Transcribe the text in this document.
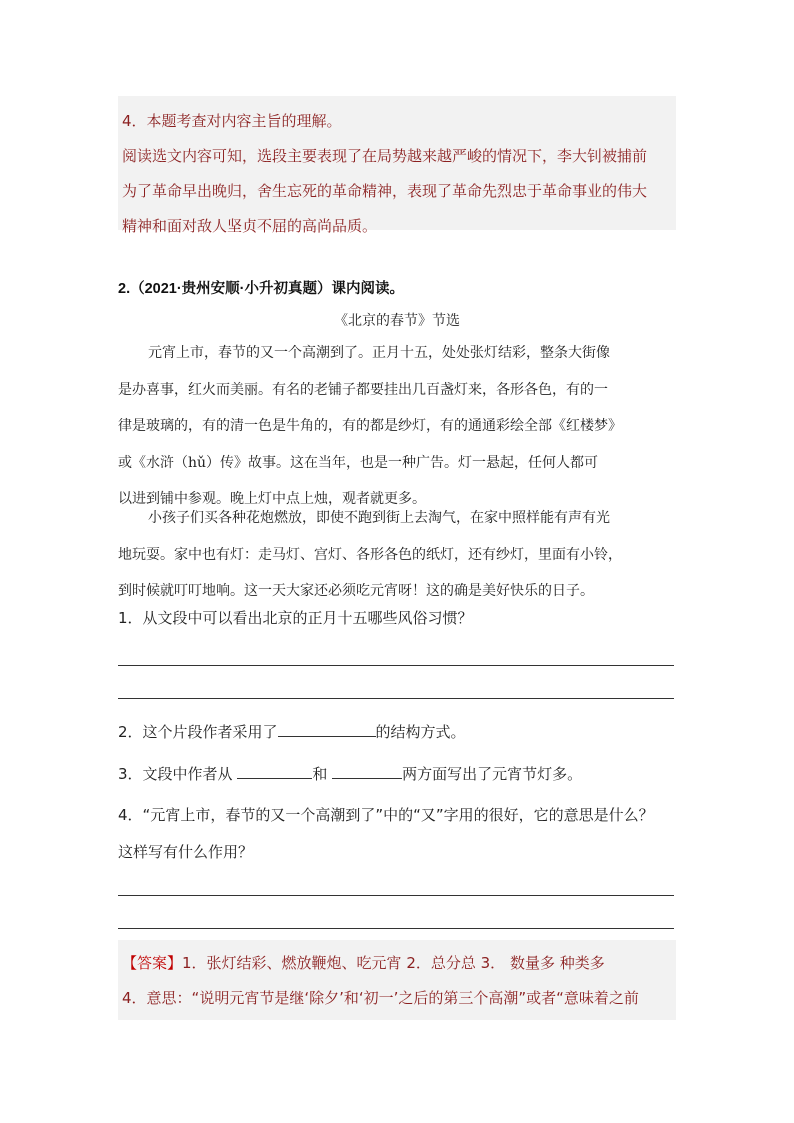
4．本题考查对内容主旨的理解。
阅读选文内容可知，选段主要表现了在局势越来越严峻的情况下，李大钊被捕前
为了革命早出晚归，舍生忘死的革命精神，表现了革命先烈忠于革命事业的伟大
精神和面对敌人坚贞不屈的高尚品质。
2.（2021·贵州安顺·小升初真题）课内阅读。
《北京的春节》节选
元宵上市，春节的又一个高潮到了。正月十五，处处张灯结彩，整条大街像
是办喜事，红火而美丽。有名的老铺子都要挂出几百盏灯来，各形各色，有的一
律是玻璃的，有的清一色是牛角的，有的都是纱灯，有的通通彩绘全部《红楼梦》
或《水浒（hǔ）传》故事。这在当年，也是一种广告。灯一悬起，任何人都可
以进到铺中参观。晚上灯中点上烛，观者就更多。
小孩子们买各种花炮燃放，即使不跑到街上去淘气，在家中照样能有声有光
地玩耍。家中也有灯：走马灯、宫灯、各形各色的纸灯，还有纱灯，里面有小铃，
到时候就叮叮地响。这一天大家还必须吃元宵呀！这的确是美好快乐的日子。
1．从文段中可以看出北京的正月十五哪些风俗习惯？
2．这个片段作者采用了	的结构方式。
3．文段中作者从	和	两方面写出了元宵节灯多。
4．“元宵上市，春节的又一个高潮到了”中的“又”字用的很好，它的意思是什么？
这样写有什么作用？
【答案】1．张灯结彩、燃放鞭炮、吃元宵 2．总分总 3． 数量多 种类多
4．意思：“说明元宵节是继‘除夕’和‘初一’之后的第三个高潮”或者“意味着之前
